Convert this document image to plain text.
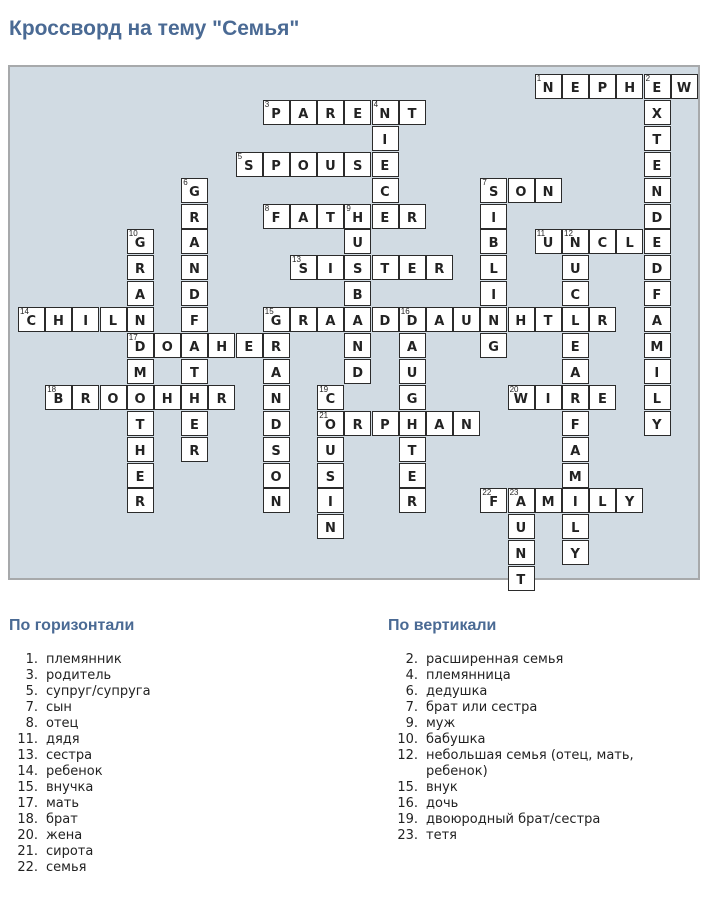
Кроссворд на тему "Семья"
1
N	E	P	H
2
E	W
X
T
E
N
D
E
D
F
A
M
I
L
Y
3
P	A	R	E
4
N	T
I
E
C
E
5
S	P	O	U	S
6
G
R
A
N
D
F
A
T
H
E
R
7
S	O	N
I
B
L
I
N
G
8
F	A	T
9
H	R
U
S
B
A
N
D
10
G
R
A
N
17
D
M
O
T
H
E
R
11
U
12
N	C	L
U
C
L
E
A
R
F
A
M
I
L
Y
13
S	I	T	E	R
14
C	H	I	L
15
G	R	A	D
16
D	A	U	H	T	R
R
A
N
D
S
O
N
A
U
G
H
T
E
R
O	H	E
18
B	R	O	H	R
19
C
21
O
U
S
I
N
20
W	I	E
R	P	A	N
22
F
23
A	M	L	Y
U
N
T
По горизонтали
1. племянник
3. родитель
5. супруг/супруга
7. сын
8. отец
11. дядя
13. сестра
14. ребенок
15. внучка
17. мать
18. брат
20. жена
21. сирота
22. семья
По вертикали
2. расширенная семья
4. племянница
6. дедушка
7. брат или сестра
9. муж
10. бабушка
12. небольшая семья (отец, мать, ребенок)
15. внук
16. дочь
19. двоюродный брат/сестра
23. тетя
